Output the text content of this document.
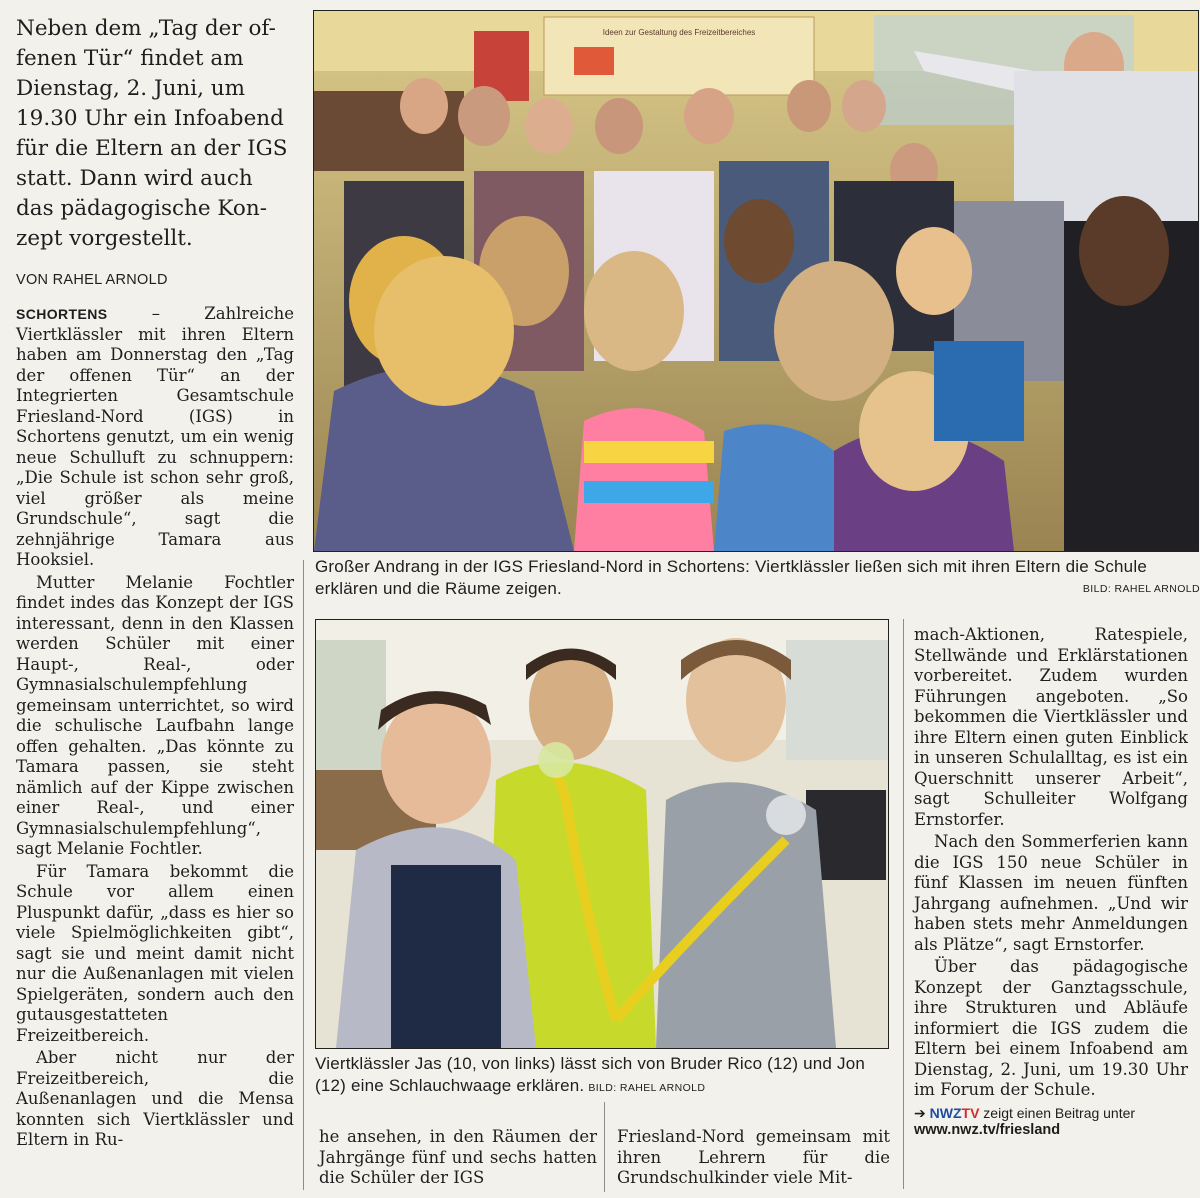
Neben dem „Tag der of-

fenen Tür“ findet am

Dienstag, 2. Juni, um

19.30 Uhr ein Infoabend

für die Eltern an der IGS

statt. Dann wird auch

das pädagogische Kon-

zept vorgestellt.

VON RAHEL ARNOLD

SCHORTENS – Zahlreiche Viertklässler mit ihren Eltern haben am Donnerstag den „Tag der offenen Tür“ an der Integrierten Gesamtschule Friesland-Nord (IGS) in Schortens genutzt, um ein wenig neue Schulluft zu schnuppern: „Die Schule ist schon sehr groß, viel größer als meine Grundschule“, sagt die zehnjährige Tamara aus Hooksiel.

Mutter Melanie Fochtler findet indes das Konzept der IGS interessant, denn in den Klassen werden Schüler mit einer Haupt-, Real-, oder Gymnasialschulempfehlung gemeinsam unterrichtet, so wird die schulische Laufbahn lange offen gehalten. „Das könnte zu Tamara passen, sie steht nämlich auf der Kippe zwischen einer Real-, und einer Gymnasialschulempfehlung“, sagt Melanie Fochtler.

Für Tamara bekommt die Schule vor allem einen Pluspunkt dafür, „dass es hier so viele Spielmöglichkeiten gibt“, sagt sie und meint damit nicht nur die Außenanlagen mit vielen Spielgeräten, sondern auch den gutausgestatteten Freizeitbereich.

Aber nicht nur der Freizeitbereich, die Außenanlagen und die Mensa konnten sich Viertklässler und Eltern in Ru-

Ideen zur Gestaltung des Freizeitbereiches
Großer Andrang in der IGS Friesland-Nord in Schortens: Viertklässler ließen sich mit ihren Eltern die Schule erklären und die Räume zeigen.	BILD: RAHEL ARNOLD
Viertklässler Jas (10, von links) lässt sich von Bruder Rico (12) und Jon (12) eine Schlauchwaage erklären. BILD: RAHEL ARNOLD

he ansehen, in den Räumen der Jahrgänge fünf und sechs hatten die Schüler der IGS

Friesland-Nord gemeinsam mit ihren Lehrern für die Grundschulkinder viele Mit-

mach-Aktionen, Ratespiele, Stellwände und Erklärstationen vorbereitet. Zudem wurden Führungen angeboten. „So bekommen die Viertklässler und ihre Eltern einen guten Einblick in unseren Schulalltag, es ist ein Querschnitt unserer Arbeit“, sagt Schulleiter Wolfgang Ernstorfer.

Nach den Sommerferien kann die IGS 150 neue Schüler in fünf Klassen im neuen fünften Jahrgang aufnehmen. „Und wir haben stets mehr Anmeldungen als Plätze“, sagt Ernstorfer.

Über das pädagogische Konzept der Ganztagsschule, ihre Strukturen und Abläufe informiert die IGS zudem die Eltern bei einem Infoabend am Dienstag, 2. Juni, um 19.30 Uhr im Forum der Schule.

➔ NWZTV zeigt einen Beitrag unter
www.nwz.tv/friesland
